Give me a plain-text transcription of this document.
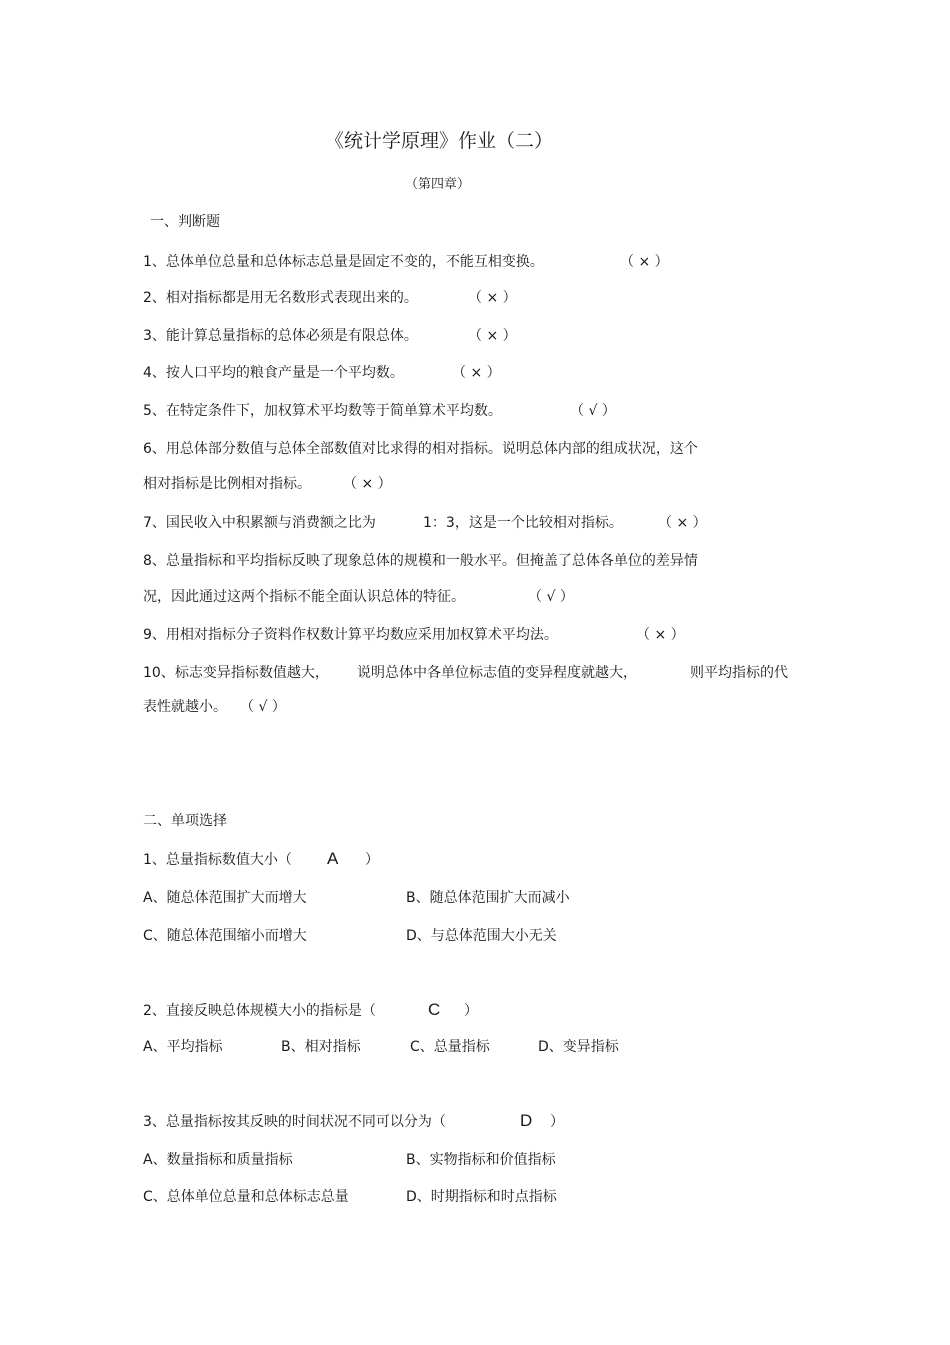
《统计学原理》作业（二）
（第四章）
一、判断题
1、总体单位总量和总体标志总量是固定不变的，不能互相变换。	（ × ）
2、相对指标都是用无名数形式表现出来的。	（ × ）
3、能计算总量指标的总体必须是有限总体。	（ × ）
4、按人口平均的粮食产量是一个平均数。	（ × ）
5、在特定条件下，加权算术平均数等于简单算术平均数。	（ √ ）
6、用总体部分数值与总体全部数值对比求得的相对指标。说明总体内部的组成状况，这个
相对指标是比例相对指标。 （ × ）
7、国民收入中积累额与消费额之比为	1：3，这是一个比较相对指标。	（ × ）
8、总量指标和平均指标反映了现象总体的规模和一般水平。但掩盖了总体各单位的差异情
况，因此通过这两个指标不能全面认识总体的特征。	（ √ ）
9、用相对指标分子资料作权数计算平均数应采用加权算术平均法。	（ × ）
10、标志变异指标数值越大， 说明总体中各单位标志值的变异程度就越大，	则平均指标的代
表性就越小。 （ √ ）
二、单项选择
1、总量指标数值大小（ A ）
A、随总体范围扩大而增大	B、随总体范围扩大而减小
C、随总体范围缩小而增大	D、与总体范围大小无关
2、直接反映总体规模大小的指标是（	C ）
A、平均指标	B、相对指标	C、总量指标	D、变异指标
3、总量指标按其反映的时间状况不同可以分为（	D ）
A、数量指标和质量指标	B、实物指标和价值指标
C、总体单位总量和总体标志总量	D、时期指标和时点指标
